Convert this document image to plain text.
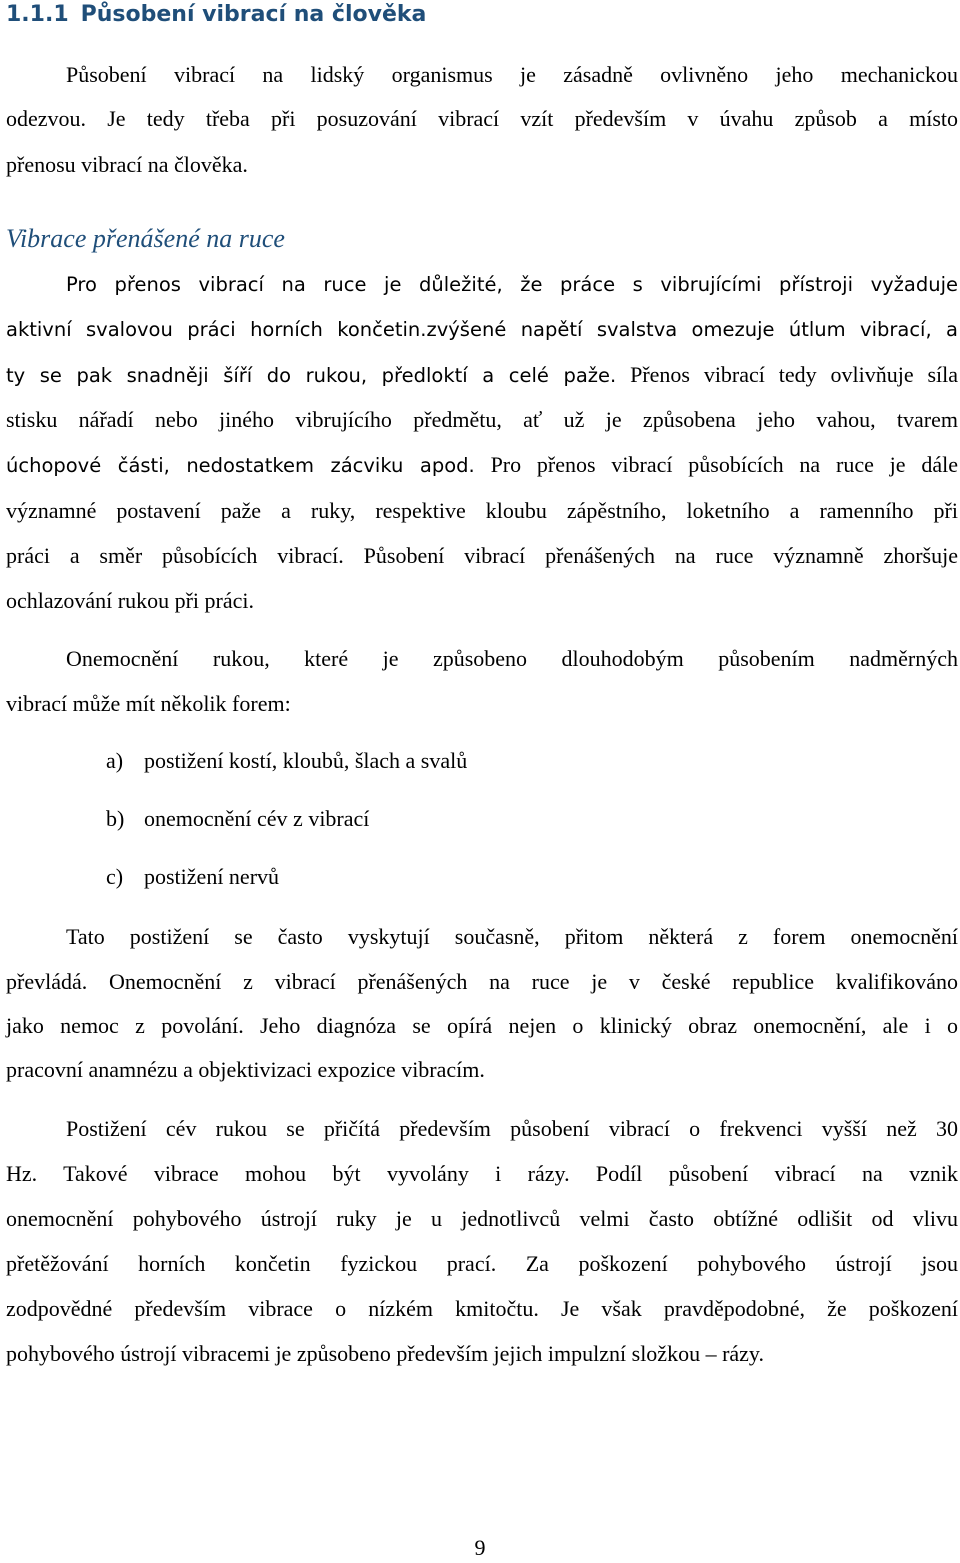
1.1.1 Působení vibrací na člověka
Působení vibrací na lidský organismus je zásadně ovlivněno jeho mechanickou
odezvou. Je tedy třeba při posuzování vibrací vzít především v úvahu způsob a místo
přenosu vibrací na člověka.
Vibrace přenášené na ruce
Pro přenos vibrací na ruce je důležité, že práce s vibrujícími přístroji vyžaduje
aktivní svalovou práci horních končetin.zvýšené napětí svalstva omezuje útlum vibrací, a
ty se pak snadněji šíří do rukou, předloktí a celé paže. Přenos vibrací tedy ovlivňuje síla
stisku nářadí nebo jiného vibrujícího předmětu, ať už je způsobena jeho vahou, tvarem
úchopové části, nedostatkem zácviku apod. Pro přenos vibrací působících na ruce je dále
významné postavení paže a ruky, respektive kloubu zápěstního, loketního a ramenního při
práci a směr působících vibrací. Působení vibrací přenášených na ruce významně zhoršuje
ochlazování rukou při práci.
Onemocnění rukou, které je způsobeno dlouhodobým působením nadměrných
vibrací může mít několik forem:
a) postižení kostí, kloubů, šlach a svalů
b) onemocnění cév z vibrací
c) postižení nervů
Tato postižení se často vyskytují současně, přitom některá z forem onemocnění
převládá. Onemocnění z vibrací přenášených na ruce je v české republice kvalifikováno
jako nemoc z povolání. Jeho diagnóza se opírá nejen o klinický obraz onemocnění, ale i o
pracovní anamnézu a objektivizaci expozice vibracím.
Postižení cév rukou se přičítá především působení vibrací o frekvenci vyšší než 30
Hz. Takové vibrace mohou být vyvolány i rázy. Podíl působení vibrací na vznik
onemocnění pohybového ústrojí ruky je u jednotlivců velmi často obtížné odlišit od vlivu
přetěžování horních končetin fyzickou prací. Za poškození pohybového ústrojí jsou
zodpovědné především vibrace o nízkém kmitočtu. Je však pravděpodobné, že poškození
pohybového ústrojí vibracemi je způsobeno především jejich impulzní složkou – rázy.
9
